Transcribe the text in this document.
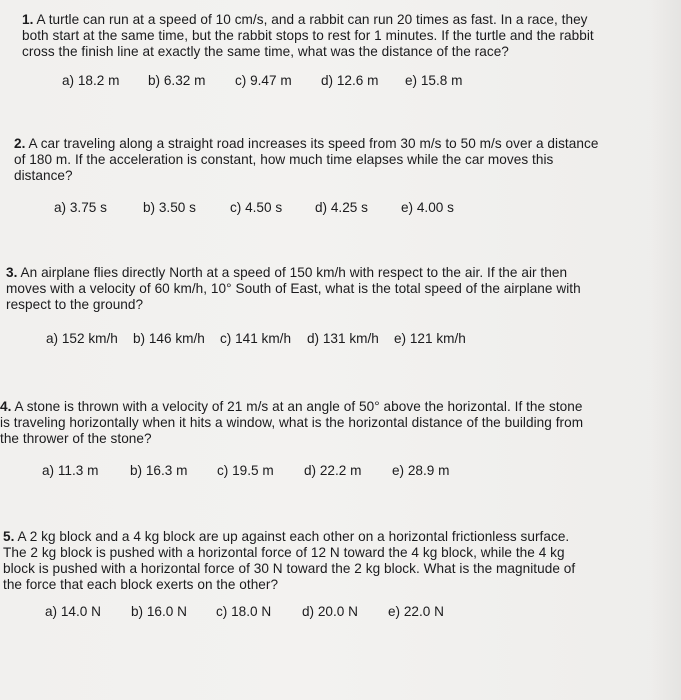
1. A turtle can run at a speed of 10 cm/s, and a rabbit can run 20 times as fast. In a race, they
both start at the same time, but the rabbit stops to rest for 1 minutes. If the turtle and the rabbit
cross the finish line at exactly the same time, what was the distance of the race?
a) 18.2 m b) 6.32 m c) 9.47 m d) 12.6 m e) 15.8 m
2. A car traveling along a straight road increases its speed from 30 m/s to 50 m/s over a distance
of 180 m. If the acceleration is constant, how much time elapses while the car moves this
distance?
a) 3.75 s	b) 3.50 s	c) 4.50 s d) 4.25 s e) 4.00 s
3. An airplane flies directly North at a speed of 150 km/h with respect to the air. If the air then
moves with a velocity of 60 km/h, 10° South of East, what is the total speed of the airplane with
respect to the ground?
a) 152 km/h b) 146 km/h c) 141 km/h d) 131 km/h e) 121 km/h
4. A stone is thrown with a velocity of 21 m/s at an angle of 50° above the horizontal. If the stone
is traveling horizontally when it hits a window, what is the horizontal distance of the building from
the thrower of the stone?
a) 11.3 m b) 16.3 m c) 19.5 m d) 22.2 m e) 28.9 m
5. A 2 kg block and a 4 kg block are up against each other on a horizontal frictionless surface.
The 2 kg block is pushed with a horizontal force of 12 N toward the 4 kg block, while the 4 kg
block is pushed with a horizontal force of 30 N toward the 2 kg block. What is the magnitude of
the force that each block exerts on the other?
a) 14.0 N b) 16.0 N c) 18.0 N d) 20.0 N e) 22.0 N
